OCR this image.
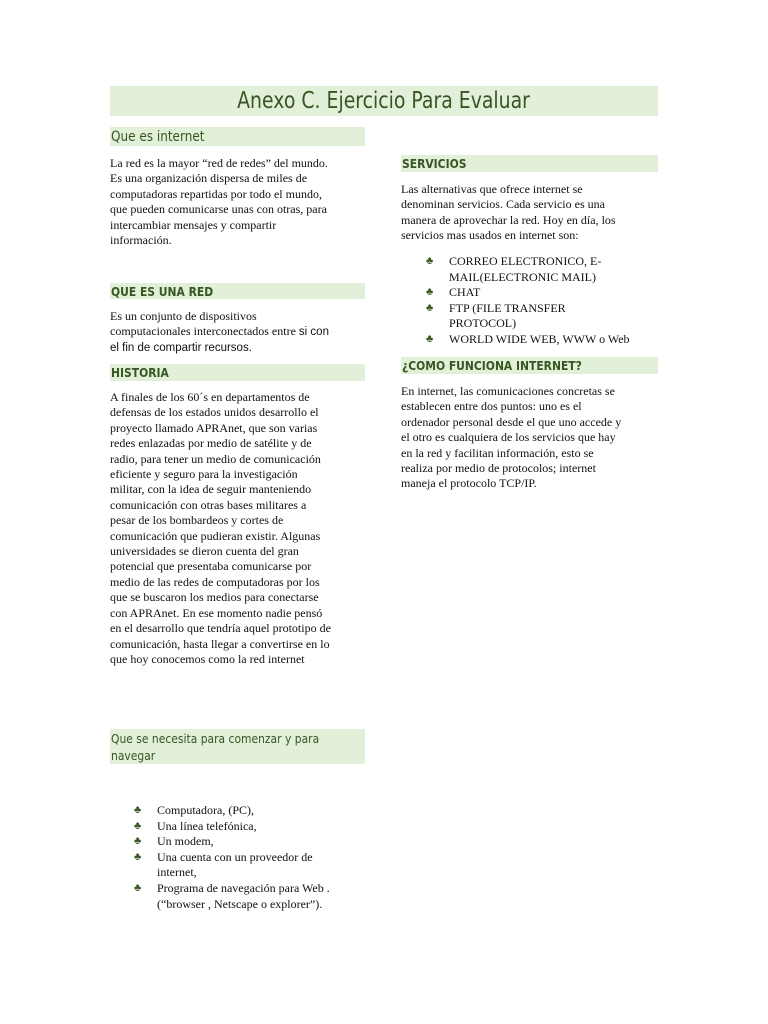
Anexo C. Ejercicio Para Evaluar
Que es internet
La red es la mayor “red de redes” del mundo.
Es una organización dispersa de miles de
computadoras repartidas por todo el mundo,
que pueden comunicarse unas con otras, para
intercambiar mensajes y compartir
información.
QUE ES UNA RED
Es un conjunto de dispositivos
computacionales interconectados entre si con
el fin de compartir recursos.
HISTORIA
A finales de los 60´s en departamentos de
defensas de los estados unidos desarrollo el
proyecto llamado APRAnet, que son varias
redes enlazadas por medio de satélite y de
radio, para tener un medio de comunicación
eficiente y seguro para la investigación
militar, con la idea de seguir manteniendo
comunicación con otras bases militares a
pesar de los bombardeos y cortes de
comunicación que pudieran existir. Algunas
universidades se dieron cuenta del gran
potencial que presentaba comunicarse por
medio de las redes de computadoras por los
que se buscaron los medios para conectarse
con APRAnet. En ese momento nadie pensó
en el desarrollo que tendría aquel prototipo de
comunicación, hasta llegar a convertirse en lo
que hoy conocemos como la red internet
Que se necesita para comenzar y para
navegar
♣ Computadora, (PC),
♣ Una línea telefónica,
♣ Un modem,
♣ Una cuenta con un proveedor de
internet,
♣ Programa de navegación para Web .
(“browser , Netscape o explorer”).
SERVICIOS
Las alternativas que ofrece internet se
denominan servicios. Cada servicio es una
manera de aprovechar la red. Hoy en día, los
servicios mas usados en internet son:
♣ CORREO ELECTRONICO, E-
MAIL(ELECTRONIC MAIL)
♣ CHAT
♣ FTP (FILE TRANSFER
PROTOCOL)
♣ WORLD WIDE WEB, WWW o Web
¿COMO FUNCIONA INTERNET?
En internet, las comunicaciones concretas se
establecen entre dos puntos: uno es el
ordenador personal desde el que uno accede y
el otro es cualquiera de los servicios que hay
en la red y facilitan información, esto se
realiza por medio de protocolos; internet
maneja el protocolo TCP/IP.
